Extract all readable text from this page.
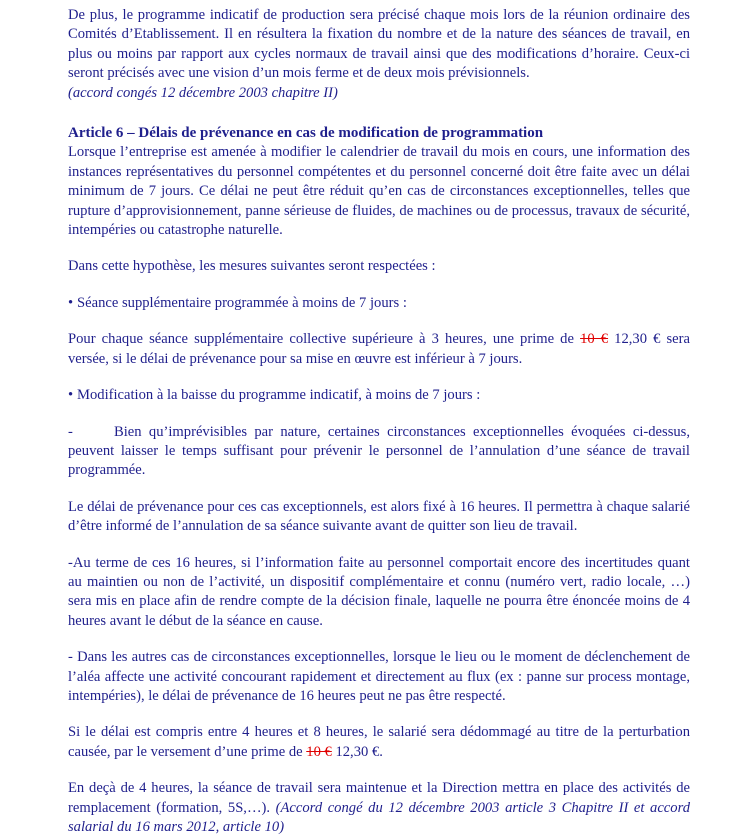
De plus, le programme indicatif de production sera précisé chaque mois lors de la réunion ordinaire des Comités d’Etablissement. Il en résultera la fixation du nombre et de la nature des séances de travail, en plus ou moins par rapport aux cycles normaux de travail ainsi que des modifications d’horaire. Ceux-ci seront précisés avec une vision d’un mois ferme et de deux mois prévisionnels.
(accord congés 12 décembre 2003 chapitre II)

Article 6 – Délais de prévenance en cas de modification de programmation

Lorsque l’entreprise est amenée à modifier le calendrier de travail du mois en cours, une information des instances représentatives du personnel compétentes et du personnel concerné doit être faite avec un délai minimum de 7 jours. Ce délai ne peut être réduit qu’en cas de circonstances exceptionnelles, telles que rupture d’approvisionnement, panne sérieuse de fluides, de machines ou de processus, travaux de sécurité, intempéries ou catastrophe naturelle.

Dans cette hypothèse, les mesures suivantes seront respectées :

• Séance supplémentaire programmée à moins de 7 jours :

Pour chaque séance supplémentaire collective supérieure à 3 heures, une prime de 10 € 12,30 € sera versée, si le délai de prévenance pour sa mise en œuvre est inférieur à 7 jours.

• Modification à la baisse du programme indicatif, à moins de 7 jours :

-	Bien qu’imprévisibles par nature, certaines circonstances exceptionnelles évoquées ci-dessus, peuvent laisser le temps suffisant pour prévenir le personnel de l’annulation d’une séance de travail programmée.

Le délai de prévenance pour ces cas exceptionnels, est alors fixé à 16 heures. Il permettra à chaque salarié d’être informé de l’annulation de sa séance suivante avant de quitter son lieu de travail.

-Au terme de ces 16 heures, si l’information faite au personnel comportait encore des incertitudes quant au maintien ou non de l’activité, un dispositif complémentaire et connu (numéro vert, radio locale, …) sera mis en place afin de rendre compte de la décision finale, laquelle ne pourra être énoncée moins de 4 heures avant le début de la séance en cause.

- Dans les autres cas de circonstances exceptionnelles, lorsque le lieu ou le moment de déclenchement de l’aléa affecte une activité concourant rapidement et directement au flux (ex : panne sur process montage, intempéries), le délai de prévenance de 16 heures peut ne pas être respecté.

Si le délai est compris entre 4 heures et 8 heures, le salarié sera dédommagé au titre de la perturbation causée, par le versement d’une prime de 10 € 12,30 €.

En deçà de 4 heures, la séance de travail sera maintenue et la Direction mettra en place des activités de remplacement (formation, 5S,…). (Accord congé du 12 décembre 2003 article 3 Chapitre II et accord salarial du 16 mars 2012, article 10)
